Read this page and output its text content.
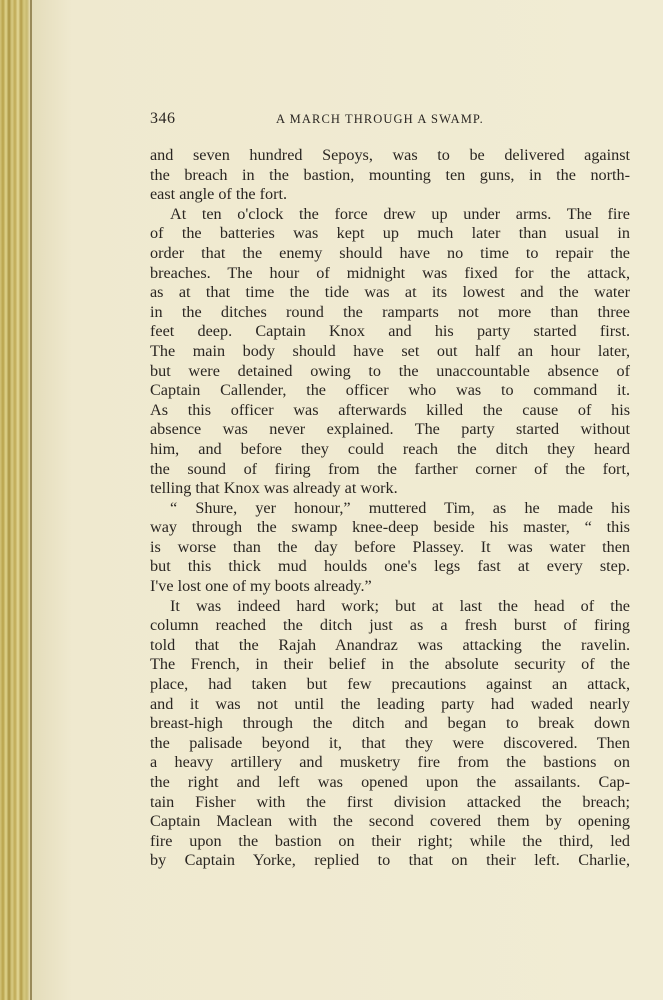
346	A MARCH THROUGH A SWAMP.
and seven hundred Sepoys, was to be delivered against
the breach in the bastion, mounting ten guns, in the north-
east angle of the fort.
At ten o'clock the force drew up under arms. The fire
of the batteries was kept up much later than usual in
order that the enemy should have no time to repair the
breaches. The hour of midnight was fixed for the attack,
as at that time the tide was at its lowest and the water
in the ditches round the ramparts not more than three
feet deep. Captain Knox and his party started first.
The main body should have set out half an hour later,
but were detained owing to the unaccountable absence of
Captain Callender, the officer who was to command it.
As this officer was afterwards killed the cause of his
absence was never explained. The party started without
him, and before they could reach the ditch they heard
the sound of firing from the farther corner of the fort,
telling that Knox was already at work.
“ Shure, yer honour,” muttered Tim, as he made his
way through the swamp knee-deep beside his master, “ this
is worse than the day before Plassey. It was water then
but this thick mud houlds one's legs fast at every step.
I've lost one of my boots already.”
It was indeed hard work; but at last the head of the
column reached the ditch just as a fresh burst of firing
told that the Rajah Anandraz was attacking the ravelin.
The French, in their belief in the absolute security of the
place, had taken but few precautions against an attack,
and it was not until the leading party had waded nearly
breast-high through the ditch and began to break down
the palisade beyond it, that they were discovered. Then
a heavy artillery and musketry fire from the bastions on
the right and left was opened upon the assailants. Cap-
tain Fisher with the first division attacked the breach;
Captain Maclean with the second covered them by opening
fire upon the bastion on their right; while the third, led
by Captain Yorke, replied to that on their left. Charlie,
